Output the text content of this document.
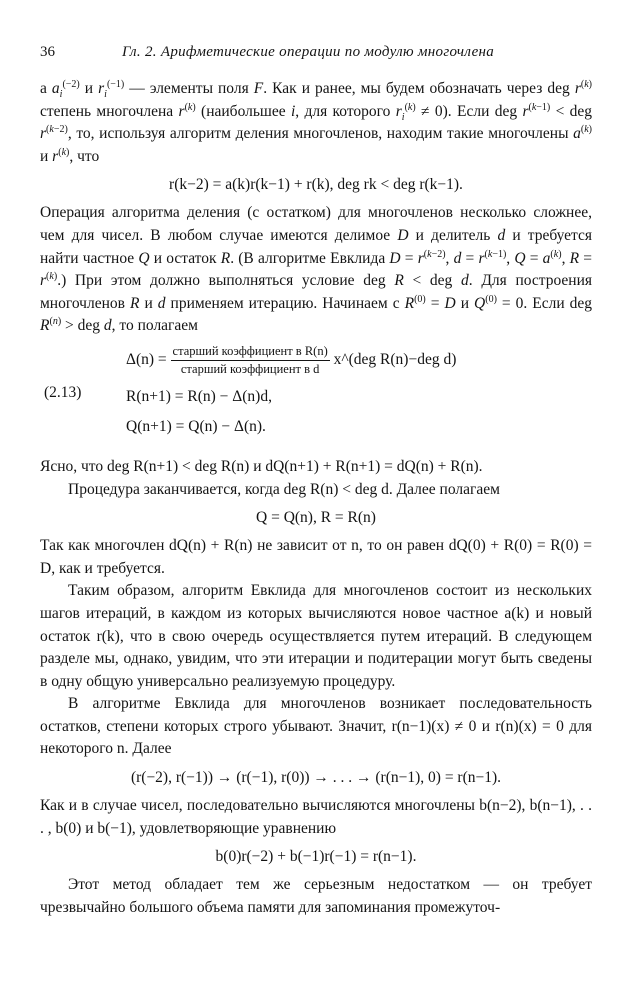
36	Гл. 2. Арифметические операции по модулю многочлена

а $a_i^{(-2)}$ и $r_i^{(-1)}$ — элементы поля F. Как и ранее, мы будем обозначать через deg $r^{(k)}$ степень многочлена $r^{(k)}$ (наибольшее i, для которого $r_i^{(k)} \ne 0$). Если deg $r^{(k-1)}$ < deg $r^{(k-2)}$, то, используя алгоритм деления многочленов, находим такие многочлены $a^{(k)}$ и $r^{(k)}$, что

r(k−2) = a(k)r(k−1) + r(k), deg rk < deg r(k−1).

Операция алгоритма деления (с остатком) для многочленов несколько сложнее, чем для чисел. В любом случае имеются делимое D и делитель d и требуется найти частное Q и остаток R. (В алгоритме Евклида $D = r^{(k-2)}$, $d = r^{(k-1)}$, $Q = a^{(k)}$, $R = r^{(k)}$.) При этом должно выполняться условие deg R < deg d. Для построения многочленов R и d применяем итерацию. Начинаем с $R^{(0)} = D$ и $Q^{(0)} = 0$. Если deg $R^{(n)}$ > deg d, то полагаем

(2.13)
$\Delta(n) = \frac{\text{старший коэффициент в R(n)}}{\text{старший коэффициент в d}}$ x^(deg R(n)−deg d)
R(n+1) = R(n) − Δ(n)d,
Q(n+1) = Q(n) − Δ(n).

Ясно, что deg R(n+1) < deg R(n) и dQ(n+1) + R(n+1) = dQ(n) + R(n).

Процедура заканчивается, когда deg R(n) < deg d. Далее полагаем

Q = Q(n), R = R(n)

Так как многочлен dQ(n) + R(n) не зависит от n, то он равен dQ(0) + R(0) = R(0) = D, как и требуется.

Таким образом, алгоритм Евклида для многочленов состоит из нескольких шагов итераций, в каждом из которых вычисляются новое частное a(k) и новый остаток r(k), что в свою очередь осуществляется путем итераций. В следующем разделе мы, однако, увидим, что эти итерации и подитерации могут быть сведены в одну общую универсально реализуемую процедуру.

В алгоритме Евклида для многочленов возникает последовательность остатков, степени которых строго убывают. Значит, r(n−1)(x) ≠ 0 и r(n)(x) = 0 для некоторого n. Далее

(r(−2), r(−1)) → (r(−1), r(0)) → . . . → (r(n−1), 0) = r(n−1).

Как и в случае чисел, последовательно вычисляются многочлены b(n−2), b(n−1), . . . , b(0) и b(−1), удовлетворяющие уравнению

b(0)r(−2) + b(−1)r(−1) = r(n−1).

Этот метод обладает тем же серьезным недостатком — он требует чрезвычайно большого объема памяти для запоминания промежуточ-
